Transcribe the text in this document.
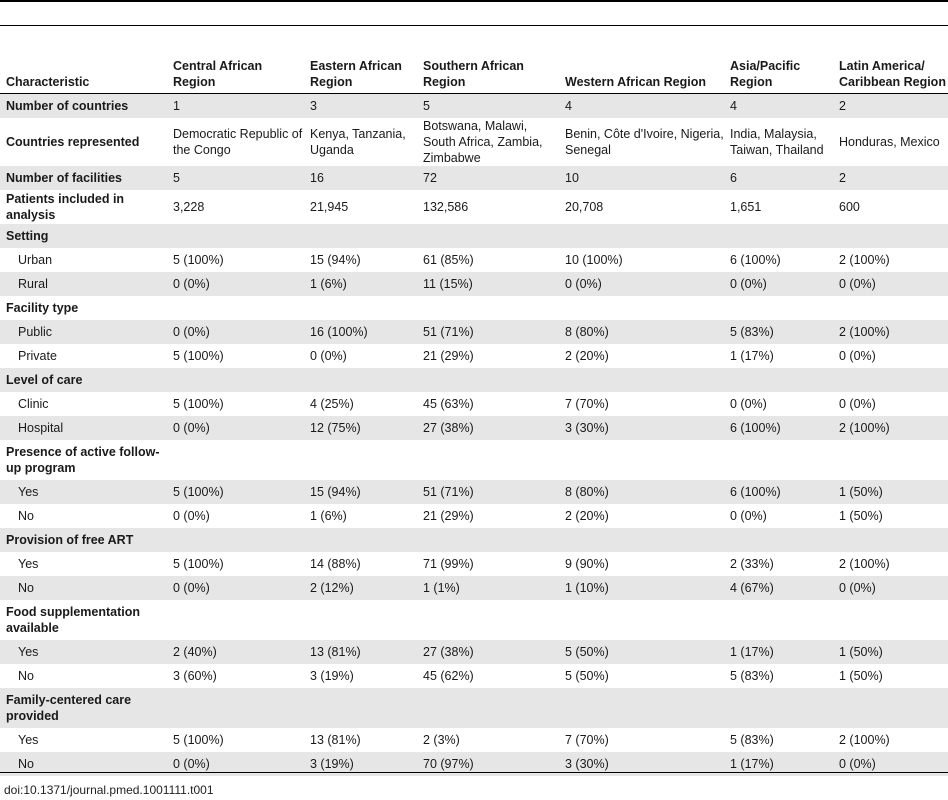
Characteristic	Central African Region	Eastern African Region	Southern African Region	Western African Region	Asia/Pacific Region	Latin America/ Caribbean Region
Number of countries	1	3	5	4	4	2
Countries represented	Democratic Republic of the Congo	Kenya, Tanzania, Uganda	Botswana, Malawi, South Africa, Zambia, Zimbabwe	Benin, Côte d'Ivoire, Nigeria, Senegal	India, Malaysia, Taiwan, Thailand	Honduras, Mexico
Number of facilities	5	16	72	10	6	2
Patients included in analysis	3,228	21,945	132,586	20,708	1,651	600
Setting						
Urban	5 (100%)	15 (94%)	61 (85%)	10 (100%)	6 (100%)	2 (100%)
Rural	0 (0%)	1 (6%)	11 (15%)	0 (0%)	0 (0%)	0 (0%)
Facility type						
Public	0 (0%)	16 (100%)	51 (71%)	8 (80%)	5 (83%)	2 (100%)
Private	5 (100%)	0 (0%)	21 (29%)	2 (20%)	1 (17%)	0 (0%)
Level of care						
Clinic	5 (100%)	4 (25%)	45 (63%)	7 (70%)	0 (0%)	0 (0%)
Hospital	0 (0%)	12 (75%)	27 (38%)	3 (30%)	6 (100%)	2 (100%)
Presence of active follow-up program						
Yes	5 (100%)	15 (94%)	51 (71%)	8 (80%)	6 (100%)	1 (50%)
No	0 (0%)	1 (6%)	21 (29%)	2 (20%)	0 (0%)	1 (50%)
Provision of free ART						
Yes	5 (100%)	14 (88%)	71 (99%)	9 (90%)	2 (33%)	2 (100%)
No	0 (0%)	2 (12%)	1 (1%)	1 (10%)	4 (67%)	0 (0%)
Food supplementation available						
Yes	2 (40%)	13 (81%)	27 (38%)	5 (50%)	1 (17%)	1 (50%)
No	3 (60%)	3 (19%)	45 (62%)	5 (50%)	5 (83%)	1 (50%)
Family-centered care provided						
Yes	5 (100%)	13 (81%)	2 (3%)	7 (70%)	5 (83%)	2 (100%)
No	0 (0%)	3 (19%)	70 (97%)	3 (30%)	1 (17%)	0 (0%)
doi:10.1371/journal.pmed.1001111.t001
